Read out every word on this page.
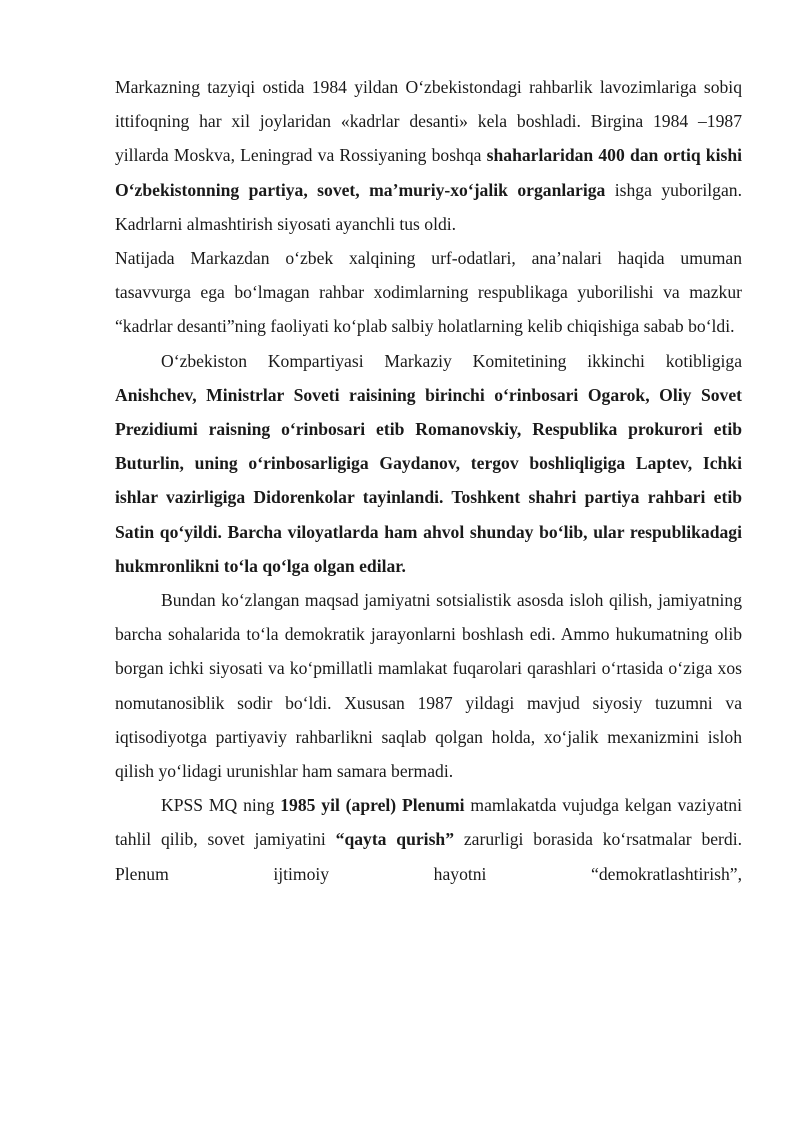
Markazning tazyiqi ostida 1984 yildan O‘zbekistondagi rahbarlik lavozimlariga sobiq ittifoqning har xil joylaridan «kadrlar desanti» kela boshladi. Birgina 1984 –1987 yillarda Moskva, Leningrad va Rossiyaning boshqa shaharlaridan 400 dan ortiq kishi O‘zbekistonning partiya, sovet, ma’muriy-xo‘jalik organlariga ishga yuborilgan. Kadrlarni almashtirish siyosati ayanchli tus oldi.

Natijada Markazdan o‘zbek xalqining urf-odatlari, ana’nalari haqida umuman tasavvurga ega bo‘lmagan rahbar xodimlarning respublikaga yuborilishi va mazkur “kadrlar desanti”ning faoliyati ko‘plab salbiy holatlarning kelib chiqishiga sabab bo‘ldi.

O‘zbekiston Kompartiyasi Markaziy Komitetining ikkinchi kotibligiga Anishchev, Ministrlar Soveti raisining birinchi o‘rinbosari Ogarok, Oliy Sovet Prezidiumi raisning o‘rinbosari etib Romanovskiy, Respublika prokurori etib Buturlin, uning o‘rinbosarligiga Gaydanov, tergov boshliqligiga Laptev, Ichki ishlar vazirligiga Didorenkolar tayinlandi. Toshkent shahri partiya rahbari etib Satin qo‘yildi. Barcha viloyatlarda ham ahvol shunday bo‘lib, ular respublikadagi hukmronlikni to‘la qo‘lga olgan edilar.

Bundan ko‘zlangan maqsad jamiyatni sotsialistik asosda isloh qilish, jamiyatning barcha sohalarida to‘la demokratik jarayonlarni boshlash edi. Ammo hukumatning olib borgan ichki siyosati va ko‘pmillatli mamlakat fuqarolari qarashlari o‘rtasida o‘ziga xos nomutanosiblik sodir bo‘ldi. Xususan 1987 yildagi mavjud siyosiy tuzumni va iqtisodiyotga partiyaviy rahbarlikni saqlab qolgan holda, xo‘jalik mexanizmini isloh qilish yo‘lidagi urunishlar ham samara bermadi.

KPSS MQ ning 1985 yil (aprel) Plenumi mamlakatda vujudga kelgan vaziyatni tahlil qilib, sovet jamiyatini “qayta qurish” zarurligi borasida ko‘rsatmalar berdi. Plenum ijtimoiy hayotni “demokratlashtirish”,
